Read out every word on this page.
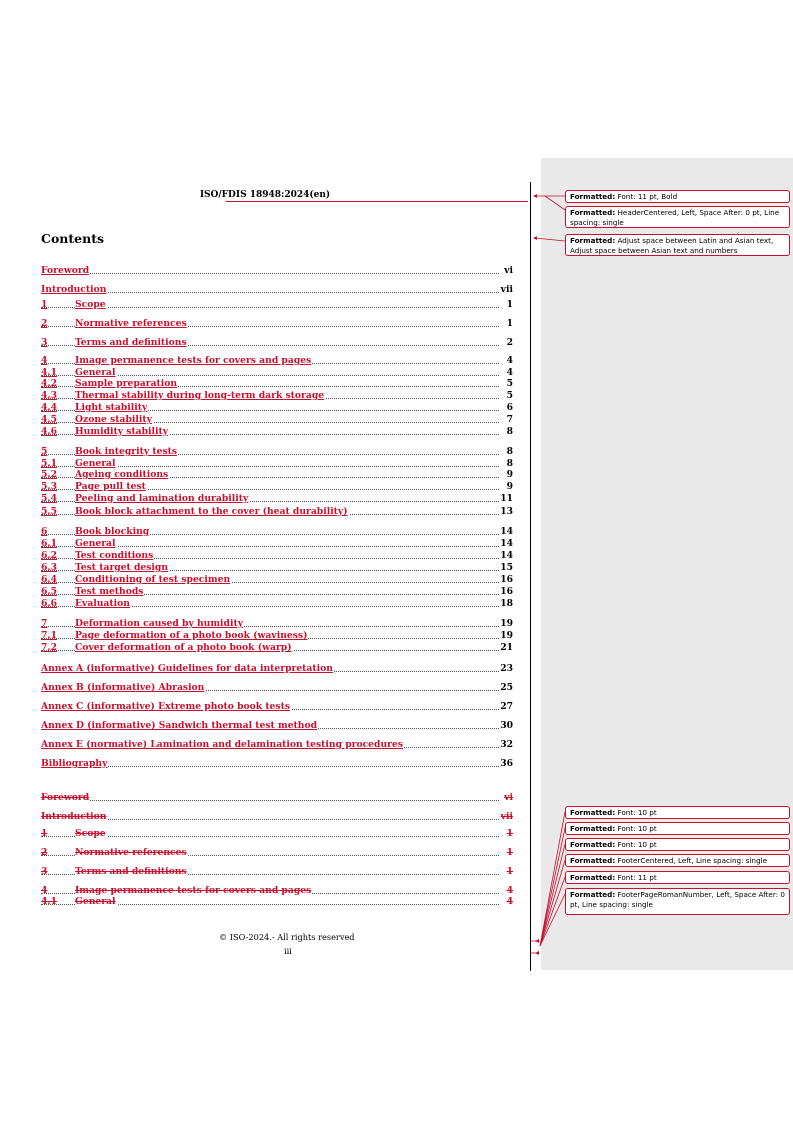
ISO/FDIS 18948:2024(en)
Contents
Foreword	vi
Introduction	vii
1	Scope	1
2	Normative references	1
3	Terms and definitions	2
4	Image permanence tests for covers and pages	4
4.1	General	4
4.2	Sample preparation	5
4.3	Thermal stability during long-term dark storage	5
4.4	Light stability	6
4.5	Ozone stability	7
4.6	Humidity stability	8
5	Book integrity tests	8
5.1	General	8
5.2	Ageing conditions	9
5.3	Page pull test	9
5.4	Peeling and lamination durability	11
5.5	Book block attachment to the cover (heat durability)	13
6	Book blocking	14
6.1	General	14
6.2	Test conditions	14
6.3	Test target design	15
6.4	Conditioning of test specimen	16
6.5	Test methods	16
6.6	Evaluation	18
7	Deformation caused by humidity	19
7.1	Page deformation of a photo book (waviness)	19
7.2	Cover deformation of a photo book (warp)	21
Annex A (informative) Guidelines for data interpretation	23
Annex B (informative) Abrasion	25
Annex C (informative) Extreme photo book tests	27
Annex D (informative) Sandwich thermal test method	30
Annex E (normative) Lamination and delamination testing procedures	32
Bibliography	36
Foreword	vi
Introduction	vii
1	Scope	1
2	Normative references	1
3	Terms and definitions	1
4	Image permanence tests for covers and pages	4
4.1	General	4
© ISO-2024.- All rights reserved
iii
Formatted: Font: 11 pt, Bold
Formatted: HeaderCentered, Left, Space After: 0 pt, Line spacing: single
Formatted: Adjust space between Latin and Asian text, Adjust space between Asian text and numbers
Formatted: Font: 10 pt
Formatted: Font: 10 pt
Formatted: Font: 10 pt
Formatted: FooterCentered, Left, Line spacing: single
Formatted: Font: 11 pt
Formatted: FooterPageRomanNumber, Left, Space After: 0 pt, Line spacing: single
